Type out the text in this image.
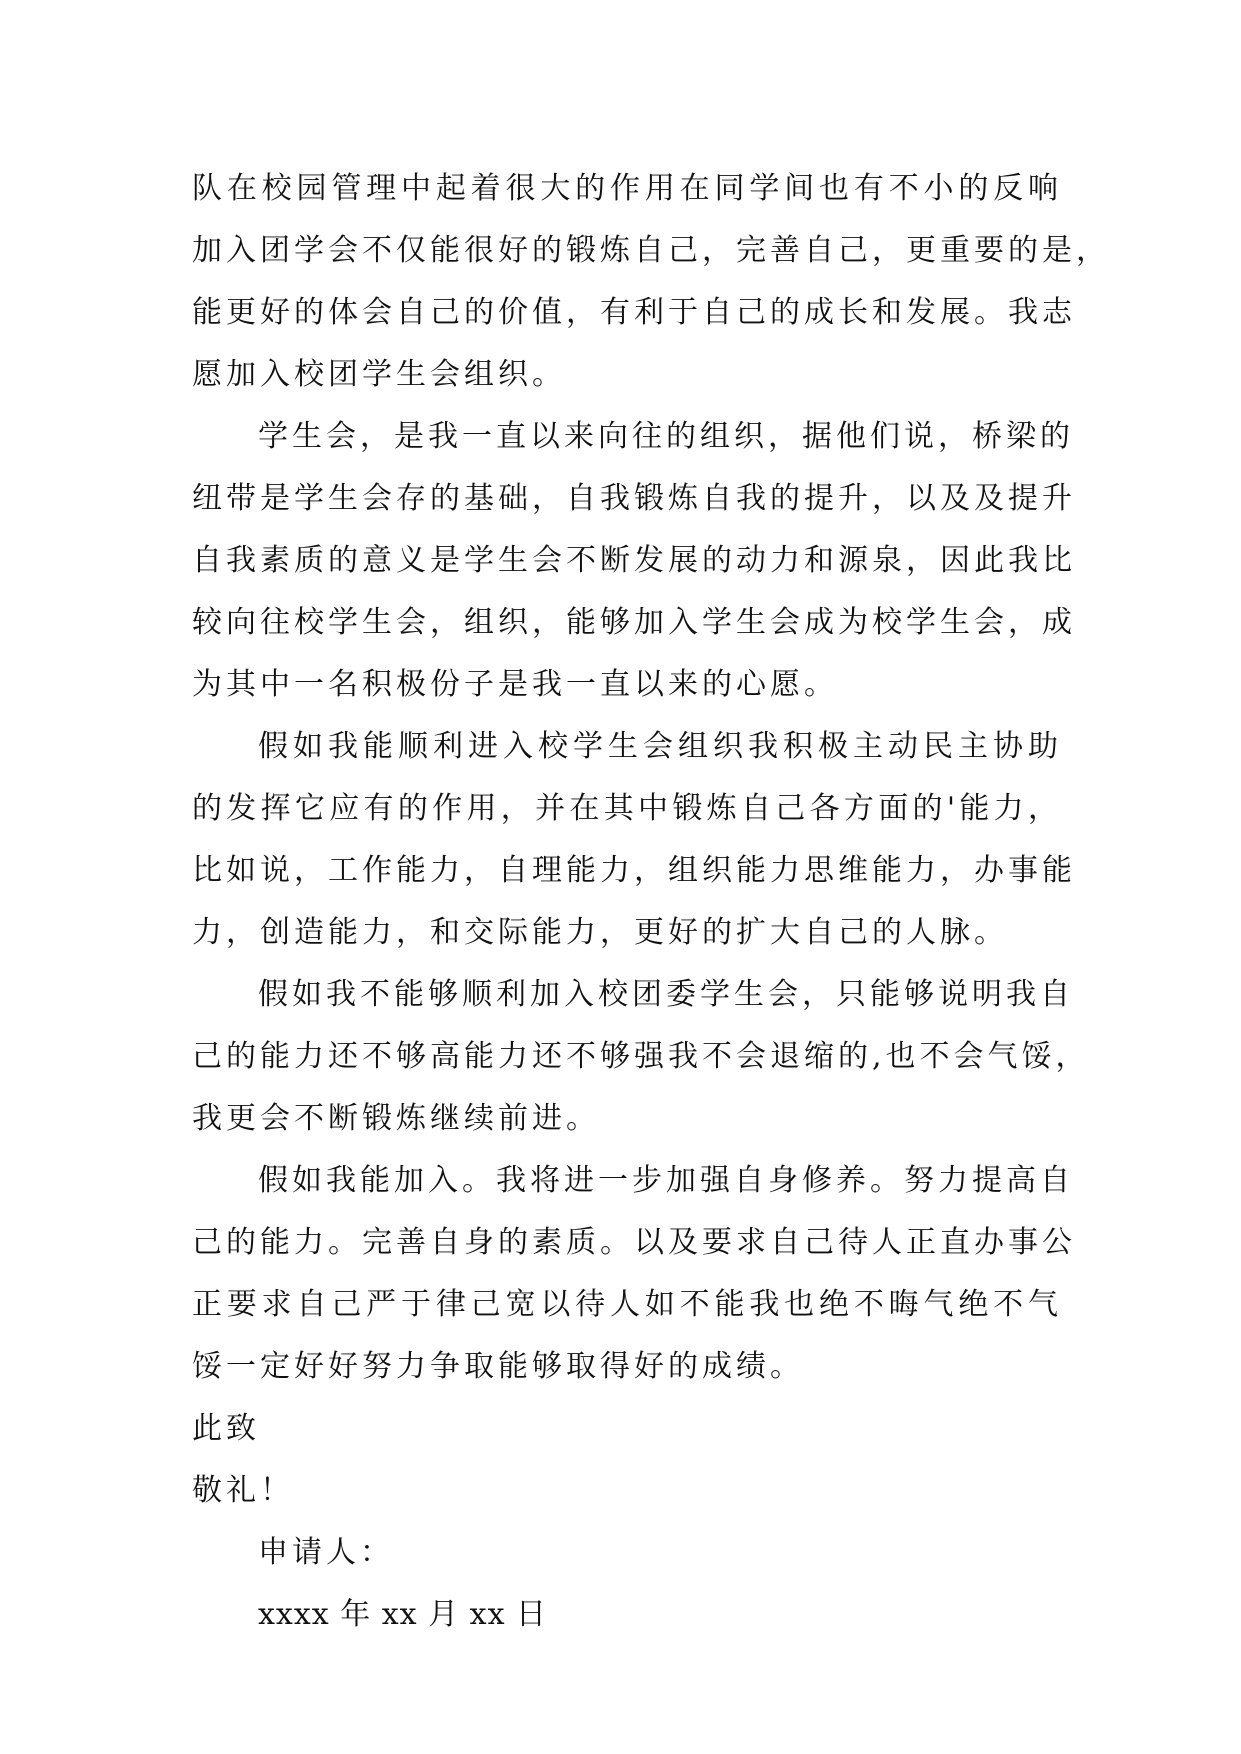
队在校园管理中起着很大的作用在同学间也有不小的反响
加入团学会不仅能很好的锻炼自己，完善自己，更重要的是，
能更好的体会自己的价值，有利于自己的成长和发展。我志
愿加入校团学生会组织。
学生会，是我一直以来向往的组织，据他们说，桥梁的
纽带是学生会存的基础，自我锻炼自我的提升，以及及提升
自我素质的意义是学生会不断发展的动力和源泉，因此我比
较向往校学生会，组织，能够加入学生会成为校学生会，成
为其中一名积极份子是我一直以来的心愿。
假如我能顺利进入校学生会组织我积极主动民主协助
的发挥它应有的作用，并在其中锻炼自己各方面的'能力，
比如说，工作能力，自理能力，组织能力思维能力，办事能
力，创造能力，和交际能力，更好的扩大自己的人脉。
假如我不能够顺利加入校团委学生会，只能够说明我自
己的能力还不够高能力还不够强我不会退缩的,也不会气馁，
我更会不断锻炼继续前进。
假如我能加入。我将进一步加强自身修养。努力提高自
己的能力。完善自身的素质。以及要求自己待人正直办事公
正要求自己严于律己宽以待人如不能我也绝不晦气绝不气
馁一定好好努力争取能够取得好的成绩。
此致
敬礼！
申请人：
xxxx 年 xx 月 xx 日
